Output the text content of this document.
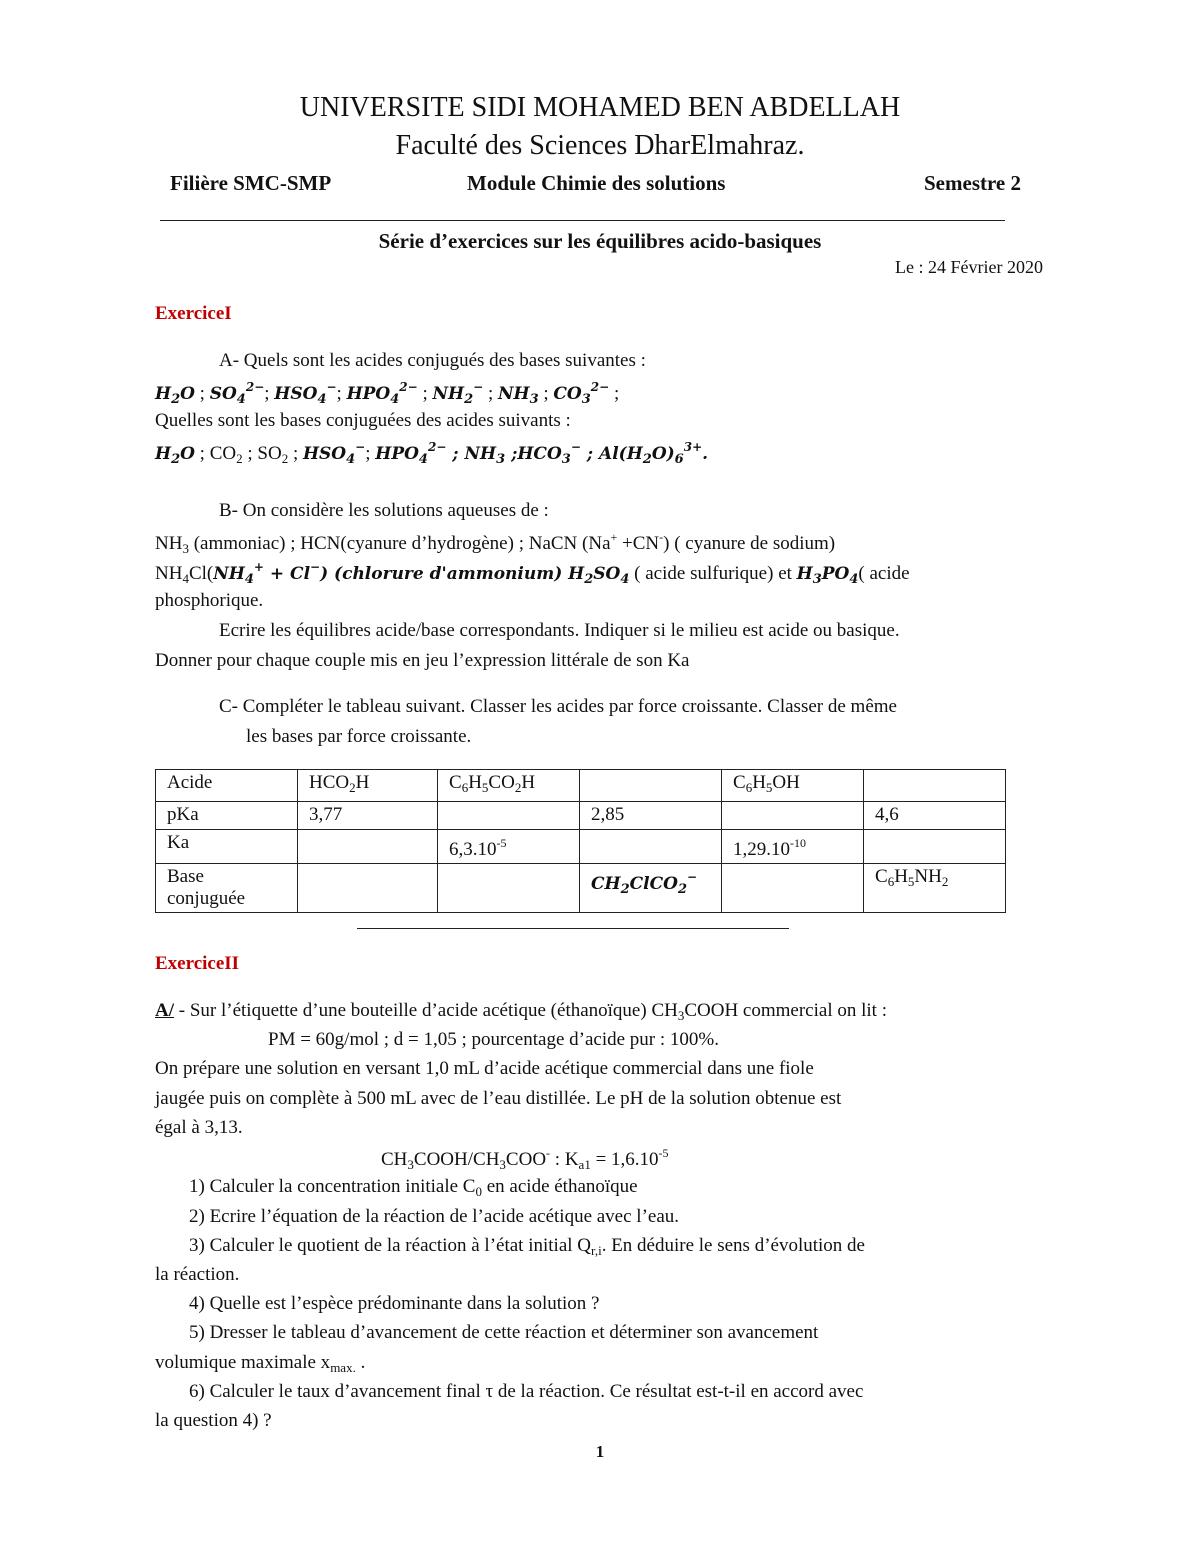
UNIVERSITE SIDI MOHAMED BEN ABDELLAH
Faculté des Sciences DharElmahraz.
Filière SMC-SMP	Module Chimie des solutions	Semestre 2
Série d’exercices sur les équilibres acido-basiques
Le : 24 Février 2020
ExerciceI
A- Quels sont les acides conjugués des bases suivantes :
$H_2O$ ; $SO_4^{2-}$; $HSO_4^-$; $HPO_4^{2-}$ ; $NH_2^-$ ; $NH_3$ ; $CO_3^{2-}$ ;
Quelles sont les bases conjuguées des acides suivants :
$H_2O$ ; $CO_2$ ; $SO_2$ ; $HSO_4^-$; $HPO_4^{2-}$ ; $NH_3$ $;HCO_3^-$ ; $Al(H_2O)_6^{3+}$.
B- On considère les solutions aqueuses de :
$NH_3$ (ammoniac) ; HCN(cyanure d’hydrogène) ; NaCN (Na+ +CN-) ( cyanure de sodium)
$NH_4Cl(NH_4^+ + Cl^-)$ (chlorure d'ammonium) $H_2SO_4$ ( acide sulfurique) et $H_3PO_4$( acide
phosphorique.
Ecrire les équilibres acide/base correspondants. Indiquer si le milieu est acide ou basique.
Donner pour chaque couple mis en jeu l’expression littérale de son Ka
C- Compléter le tableau suivant. Classer les acides par force croissante. Classer de même
les bases par force croissante.
Acide	$HCO_2H$	$C_6H_5CO_2H$		$C_6H_5OH$	
pKa	3,77		2,85		4,6
Ka		$6,3.10^{-5}$		$1,29.10^{-10}$	
Base
conjuguée			$CH_2ClCO_2^-$		$C_6H_5NH_2$
ExerciceII
A/ - Sur l’étiquette d’une bouteille d’acide acétique (éthanoïque) $CH_3COOH$ commercial on lit :
PM = 60g/mol ; d = 1,05 ; pourcentage d’acide pur : 100%.
On prépare une solution en versant 1,0 mL d’acide acétique commercial dans une fiole
jaugée puis on complète à 500 mL avec de l’eau distillée. Le pH de la solution obtenue est
égal à 3,13.
$CH_3COOH/CH_3COO^-$ : $K_{a1} = 1,6.10^{-5}$
1) Calculer la concentration initiale $C_0$ en acide éthanoïque
2) Ecrire l’équation de la réaction de l’acide acétique avec l’eau.
3) Calculer le quotient de la réaction à l’état initial $Q_{r,i}$. En déduire le sens d’évolution de
la réaction.
4) Quelle est l’espèce prédominante dans la solution ?
5) Dresser le tableau d’avancement de cette réaction et déterminer son avancement
volumique maximale $x_{max.}$ .
6) Calculer le taux d’avancement final τ de la réaction. Ce résultat est-t-il en accord avec
la question 4) ?
1
